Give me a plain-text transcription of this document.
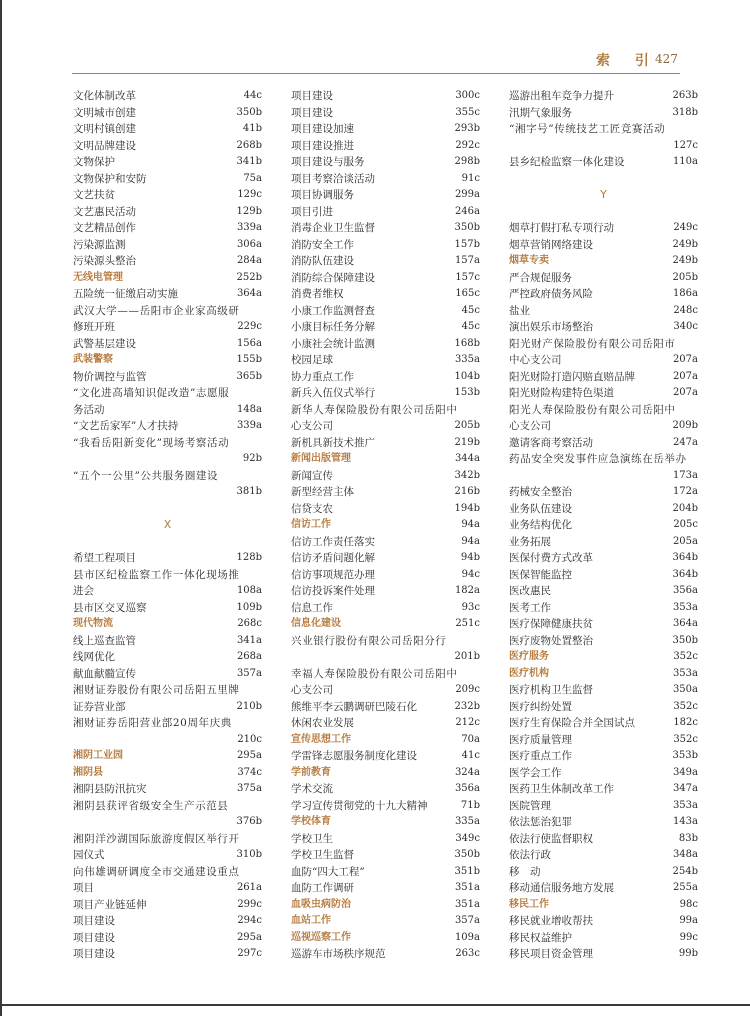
索 引
427
文化体制改革	44c
文明城市创建	350b
文明村镇创建	41b
文明品牌建设	268b
文物保护	341b
文物保护和安防	75a
文艺扶贫	129c
文艺惠民活动	129b
文艺精品创作	339a
污染源监测	306a
污染源头整治	284a
无线电管理	252b
五险统一征缴启动实施	364a
武汉大学——岳阳市企业家高级研
修班开班	229c
武警基层建设	156a
武装警察	155b
物价调控与监管	365b
“文化进高墙知识促改造”志愿服
务活动	148a
“文艺岳家军”人才扶持	339a
“我看岳阳新变化”现场考察活动
92b
“五个一公里”公共服务圈建设
381b
X
希望工程项目	128b
县市区纪检监察工作一体化现场推
进会	108a
县市区交叉巡察	109b
现代物流	268c
线上巡查监管	341a
线网优化	268a
献血献髓宣传	357a
湘财证券股份有限公司岳阳五里牌
证券营业部	210b
湘财证券岳阳营业部20周年庆典
210c
湘阴工业园	295a
湘阴县	374c
湘阴县防汛抗灾	375a
湘阴县获评省级安全生产示范县
376b
湘阴洋沙湖国际旅游度假区举行开
园仪式	310b
向伟雄调研调度全市交通建设重点
项目	261a
项目产业链延伸	299c
项目建设	294c
项目建设	295a
项目建设	297c
项目建设	300c
项目建设	355c
项目建设加速	293b
项目建设推进	292c
项目建设与服务	298b
项目考察洽谈活动	91c
项目协调服务	299a
项目引进	246a
消毒企业卫生监督	350b
消防安全工作	157b
消防队伍建设	157a
消防综合保障建设	157c
消费者维权	165c
小康工作监测督查	45c
小康目标任务分解	45c
小康社会统计监测	168b
校园足球	335a
协力重点工作	104b
新兵入伍仪式举行	153b
新华人寿保险股份有限公司岳阳中
心支公司	205b
新机具新技术推广	219b
新闻出版管理	344a
新闻宣传	342b
新型经营主体	216b
信贷支农	194b
信访工作	94a
信访工作责任落实	94a
信访矛盾问题化解	94b
信访事项规范办理	94c
信访投诉案件处理	182a
信息工作	93c
信息化建设	251c
兴业银行股份有限公司岳阳分行
201b
幸福人寿保险股份有限公司岳阳中
心支公司	209c
熊维平李云鹏调研巴陵石化	232b
休闲农业发展	212c
宣传思想工作	70a
学雷锋志愿服务制度化建设	41c
学前教育	324a
学术交流	356a
学习宣传贯彻党的十九大精神	71b
学校体育	335a
学校卫生	349c
学校卫生监督	350b
血防“四大工程”	351b
血防工作调研	351a
血吸虫病防治	351a
血站工作	357a
巡视巡察工作	109a
巡游车市场秩序规范	263c
巡游出租车竞争力提升	263b
汛期气象服务	318b
“湘字号”传统技艺工匠竞赛活动
127c
县乡纪检监察一体化建设	110a
Y
烟草打假打私专项行动	249c
烟草营销网络建设	249b
烟草专卖	249b
严合规促服务	205b
严控政府债务风险	186a
盐业	248c
演出娱乐市场整治	340c
阳光财产保险股份有限公司岳阳市
中心支公司	207a
阳光财险打造闪赔直赔品牌	207a
阳光财险构建特色渠道	207a
阳光人寿保险股份有限公司岳阳中
心支公司	209b
邀请客商考察活动	247a
药品安全突发事件应急演练在岳举办
173a
药械安全整治	172a
业务队伍建设	204b
业务结构优化	205c
业务拓展	205a
医保付费方式改革	364b
医保智能监控	364b
医改惠民	356a
医考工作	353a
医疗保障健康扶贫	364a
医疗废物处置整治	350b
医疗服务	352c
医疗机构	353a
医疗机构卫生监督	350a
医疗纠纷处置	352c
医疗生育保险合并全国试点	182c
医疗质量管理	352c
医疗重点工作	353b
医学会工作	349a
医药卫生体制改革工作	347a
医院管理	353a
依法惩治犯罪	143a
依法行使监督职权	83b
依法行政	348a
移　动	254b
移动通信服务地方发展	255a
移民工作	98c
移民就业增收帮扶	99a
移民权益维护	99c
移民项目资金管理	99b
